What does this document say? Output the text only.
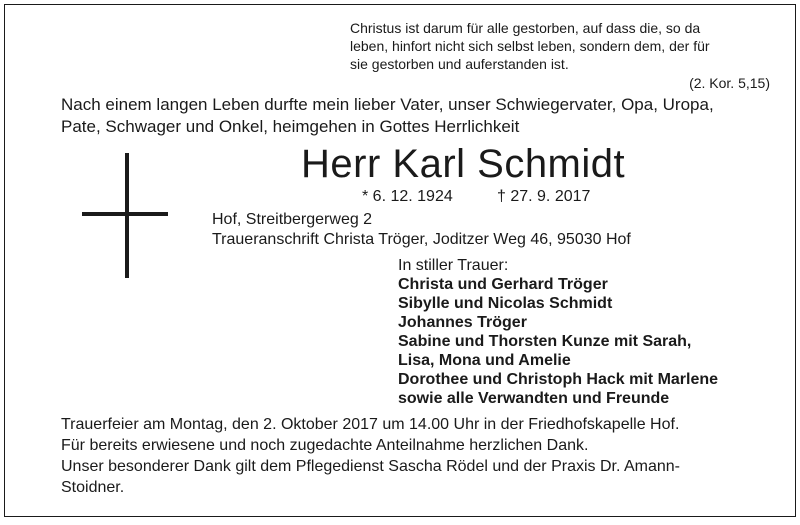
Christus ist darum für alle gestorben, auf dass die, so da
leben, hinfort nicht sich selbst leben, sondern dem, der für
sie gestorben und auferstanden ist.
(2. Kor. 5,15)
Nach einem langen Leben durfte mein lieber Vater, unser Schwiegervater, Opa, Uropa,
Pate, Schwager und Onkel, heimgehen in Gottes Herrlichkeit
Herr Karl Schmidt
* 6. 12. 1924	† 27. 9. 2017
Hof, Streitbergerweg 2
Traueranschrift Christa Tröger, Joditzer Weg 46, 95030 Hof
In stiller Trauer:
Christa und Gerhard Tröger
Sibylle und Nicolas Schmidt
Johannes Tröger
Sabine und Thorsten Kunze mit Sarah,
Lisa, Mona und Amelie
Dorothee und Christoph Hack mit Marlene
sowie alle Verwandten und Freunde
Trauerfeier am Montag, den 2. Oktober 2017 um 14.00 Uhr in der Friedhofskapelle Hof.
Für bereits erwiesene und noch zugedachte Anteilnahme herzlichen Dank.
Unser besonderer Dank gilt dem Pflegedienst Sascha Rödel und der Praxis Dr. Amann-
Stoidner.
